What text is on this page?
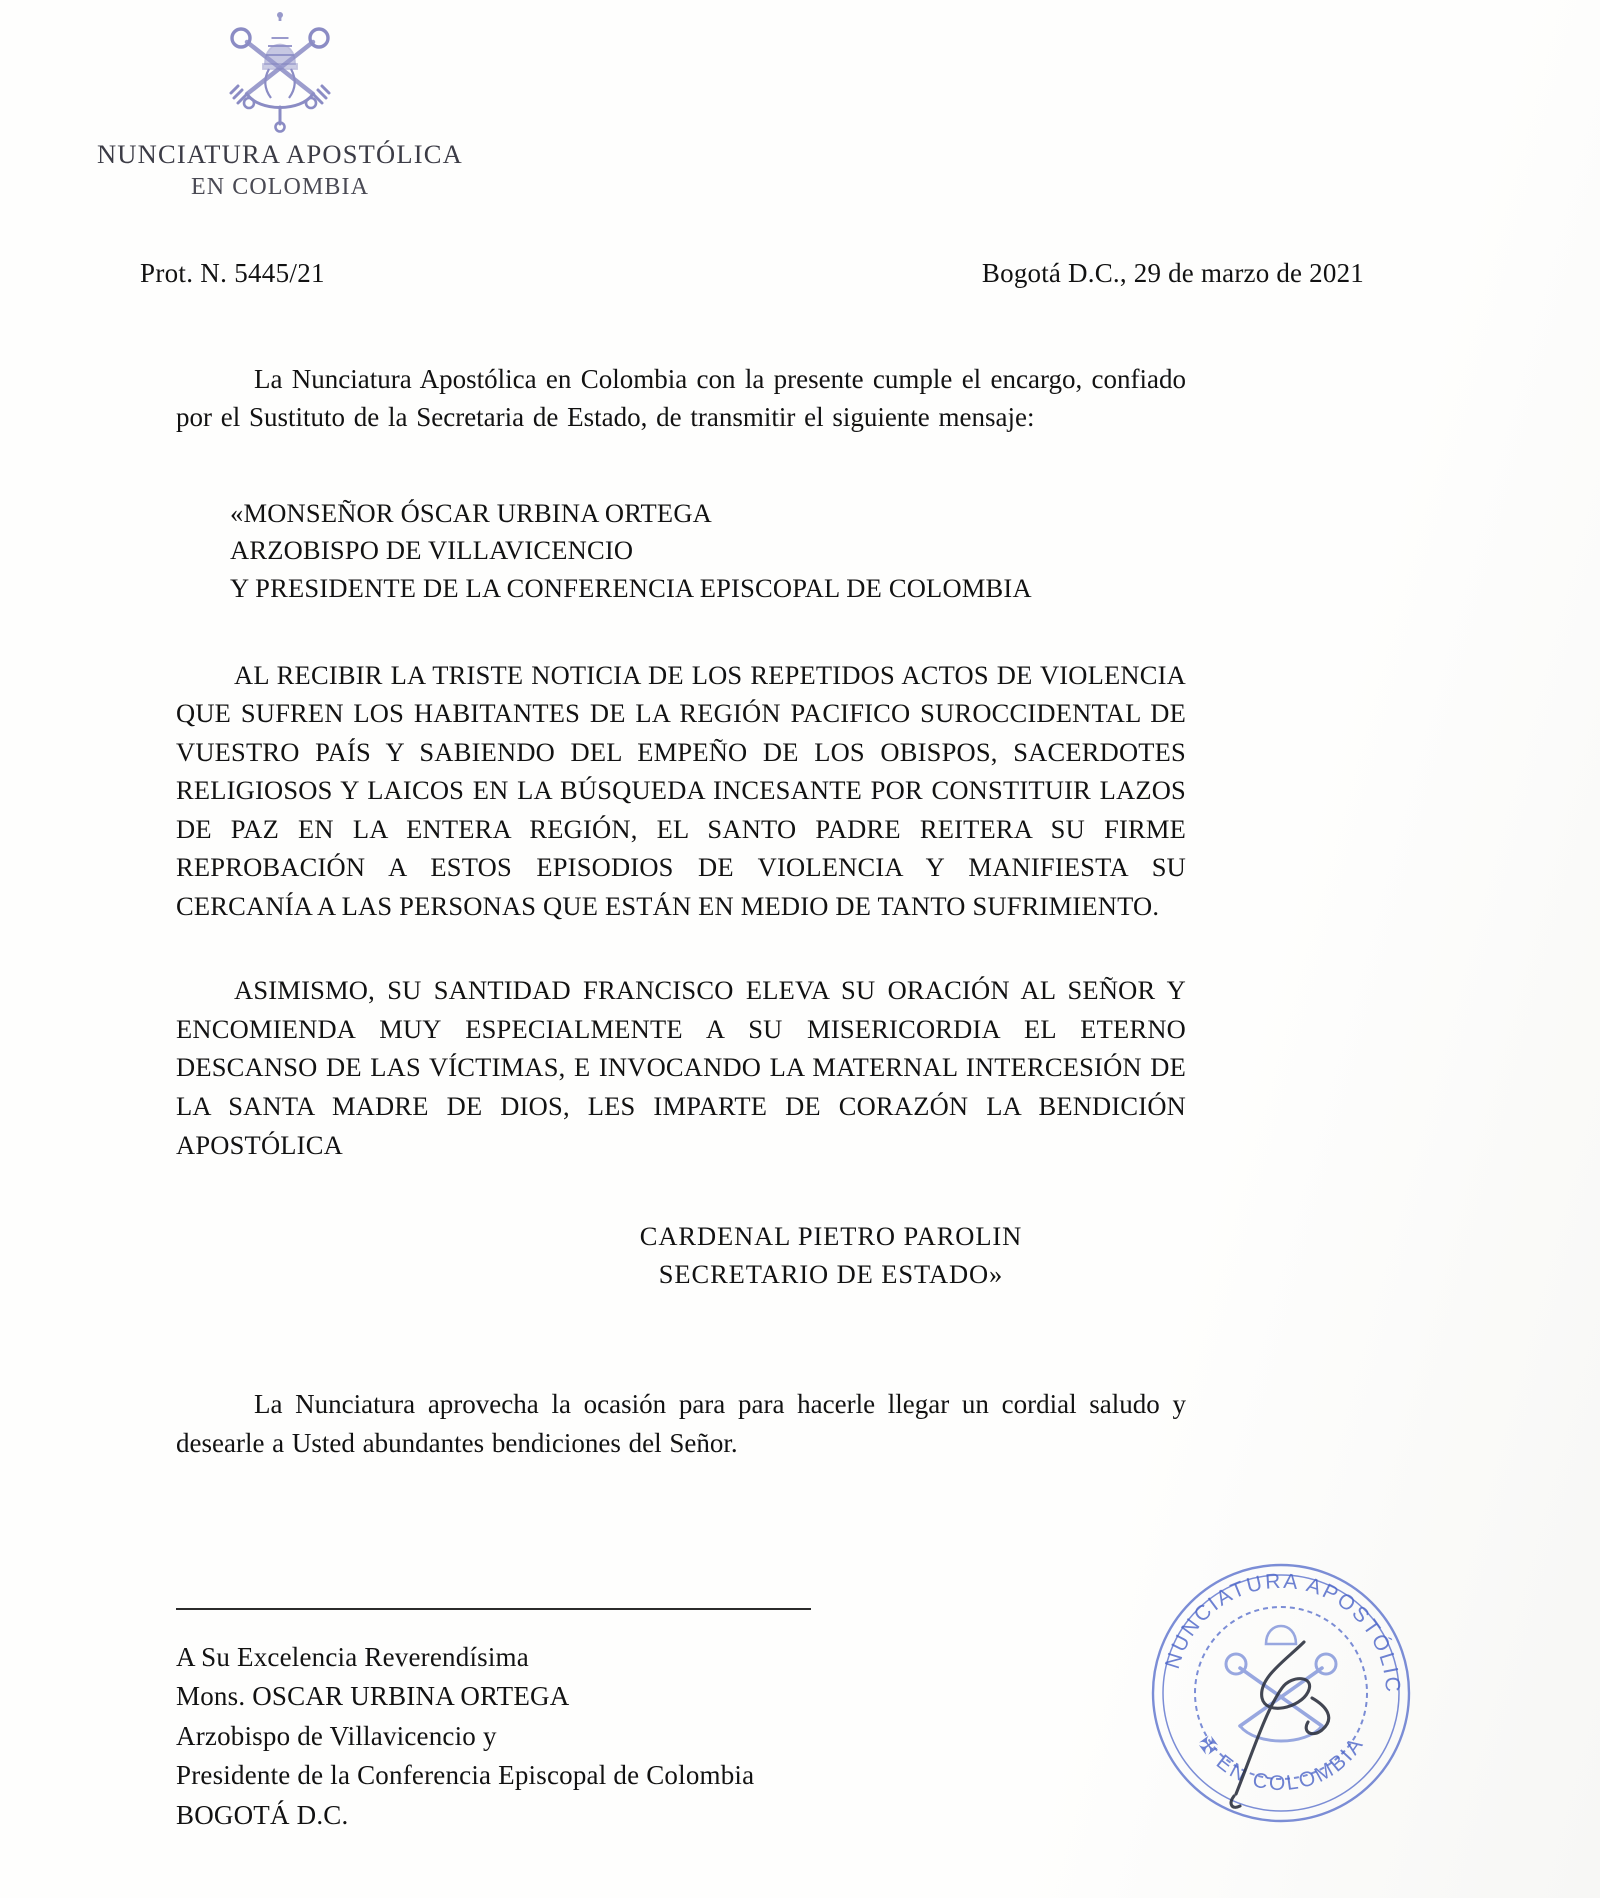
NUNCIATURA APOSTÓLICA
EN COLOMBIA
Prot. N. 5445/21	Bogotá D.C., 29 de marzo de 2021

La Nunciatura Apostólica en Colombia con la presente cumple el encargo, confiado por el Sustituto de la Secretaria de Estado, de transmitir el siguiente mensaje:

«MONSEÑOR ÓSCAR URBINA ORTEGA
ARZOBISPO DE VILLAVICENCIO
Y PRESIDENTE DE LA CONFERENCIA EPISCOPAL DE COLOMBIA

AL RECIBIR LA TRISTE NOTICIA DE LOS REPETIDOS ACTOS DE VIOLENCIA QUE SUFREN LOS HABITANTES DE LA REGIÓN PACIFICO SUROCCIDENTAL DE VUESTRO PAÍS Y SABIENDO DEL EMPEÑO DE LOS OBISPOS, SACERDOTES RELIGIOSOS Y LAICOS EN LA BÚSQUEDA INCESANTE POR CONSTITUIR LAZOS DE PAZ EN LA ENTERA REGIÓN, EL SANTO PADRE REITERA SU FIRME REPROBACIÓN A ESTOS EPISODIOS DE VIOLENCIA Y MANIFIESTA SU CERCANÍA A LAS PERSONAS QUE ESTÁN EN MEDIO DE TANTO SUFRIMIENTO.

ASIMISMO, SU SANTIDAD FRANCISCO ELEVA SU ORACIÓN AL SEÑOR Y ENCOMIENDA MUY ESPECIALMENTE A SU MISERICORDIA EL ETERNO DESCANSO DE LAS VÍCTIMAS, E INVOCANDO LA MATERNAL INTERCESIÓN DE LA SANTA MADRE DE DIOS, LES IMPARTE DE CORAZÓN LA BENDICIÓN APOSTÓLICA

CARDENAL PIETRO PAROLIN
SECRETARIO DE ESTADO»

La Nunciatura aprovecha la ocasión para para hacerle llegar un cordial saludo y desearle a Usted abundantes bendiciones del Señor.

A Su Excelencia Reverendísima
Mons. OSCAR URBINA ORTEGA
Arzobispo de Villavicencio y
Presidente de la Conferencia Episcopal de Colombia
BOGOTÁ D.C.
NUNCIATURA APOSTÓLICA
✠ EN COLOMBIA
